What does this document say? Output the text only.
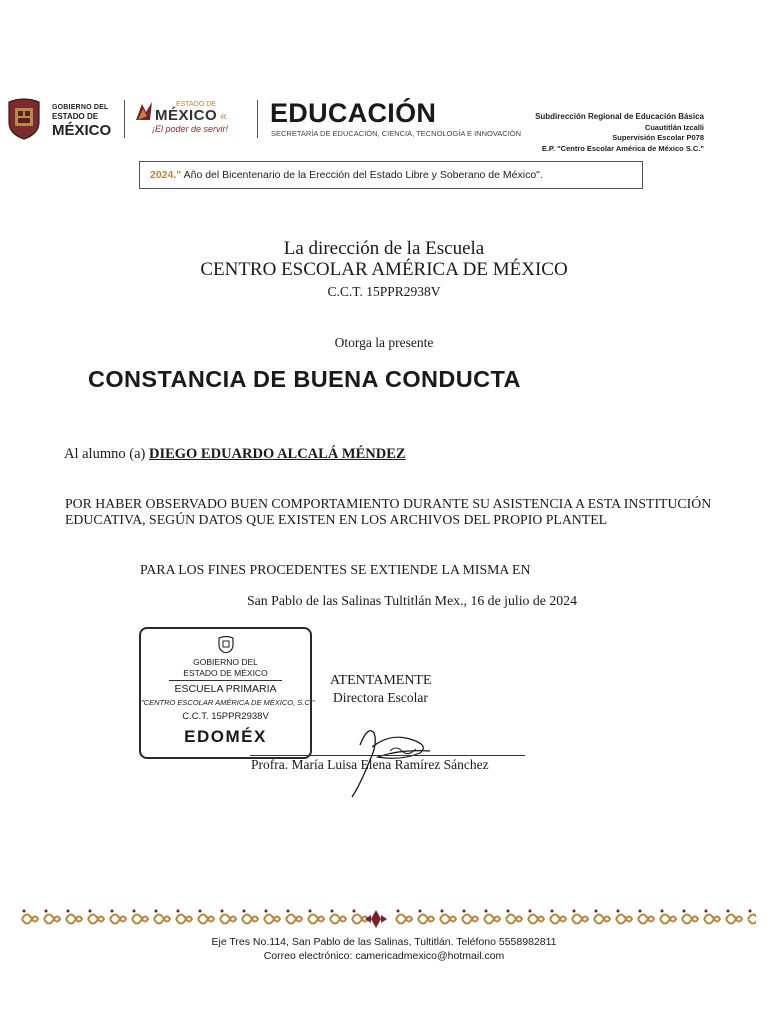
GOBIERNO DEL
ESTADO DE
MÉXICO
ESTADO DE
MÉXICO «
¡El poder de servir!
EDUCACIÓN
SECRETARÍA DE EDUCACIÓN, CIENCIA, TECNOLOGÍA E INNOVACIÓN
Subdirección Regional de Educación Básica
Cuautitlán Izcalli
Supervisión Escolar P078
E.P. "Centro Escolar América de México S.C."
2024." Año del Bicentenario de la Erección del Estado Libre y Soberano de México".
La dirección de la Escuela
CENTRO ESCOLAR AMÉRICA DE MÉXICO
C.C.T. 15PPR2938V
Otorga la presente
CONSTANCIA DE BUENA CONDUCTA
Al alumno (a) DIEGO EDUARDO ALCALÁ MÉNDEZ
POR HABER OBSERVADO BUEN COMPORTAMIENTO DURANTE SU ASISTENCIA A ESTA INSTITUCIÓN EDUCATIVA, SEGÚN DATOS QUE EXISTEN EN LOS ARCHIVOS DEL PROPIO PLANTEL
PARA LOS FINES PROCEDENTES SE EXTIENDE LA MISMA EN
San Pablo de las Salinas Tultitlán Mex., 16 de julio de 2024
GOBIERNO DEL
ESTADO DE MÉXICO
ESCUELA PRIMARIA
"CENTRO ESCOLAR AMÉRICA DE MÉXICO, S.C."
C.C.T. 15PPR2938V
EDOMÉX
ATENTAMENTE
Directora Escolar
Profra. María Luisa Elena Ramírez Sánchez
Eje Tres No.114, San Pablo de las Salinas, Tultitlán. Teléfono 5558982811
Correo electrónico: camericadmexico@hotmail.com
